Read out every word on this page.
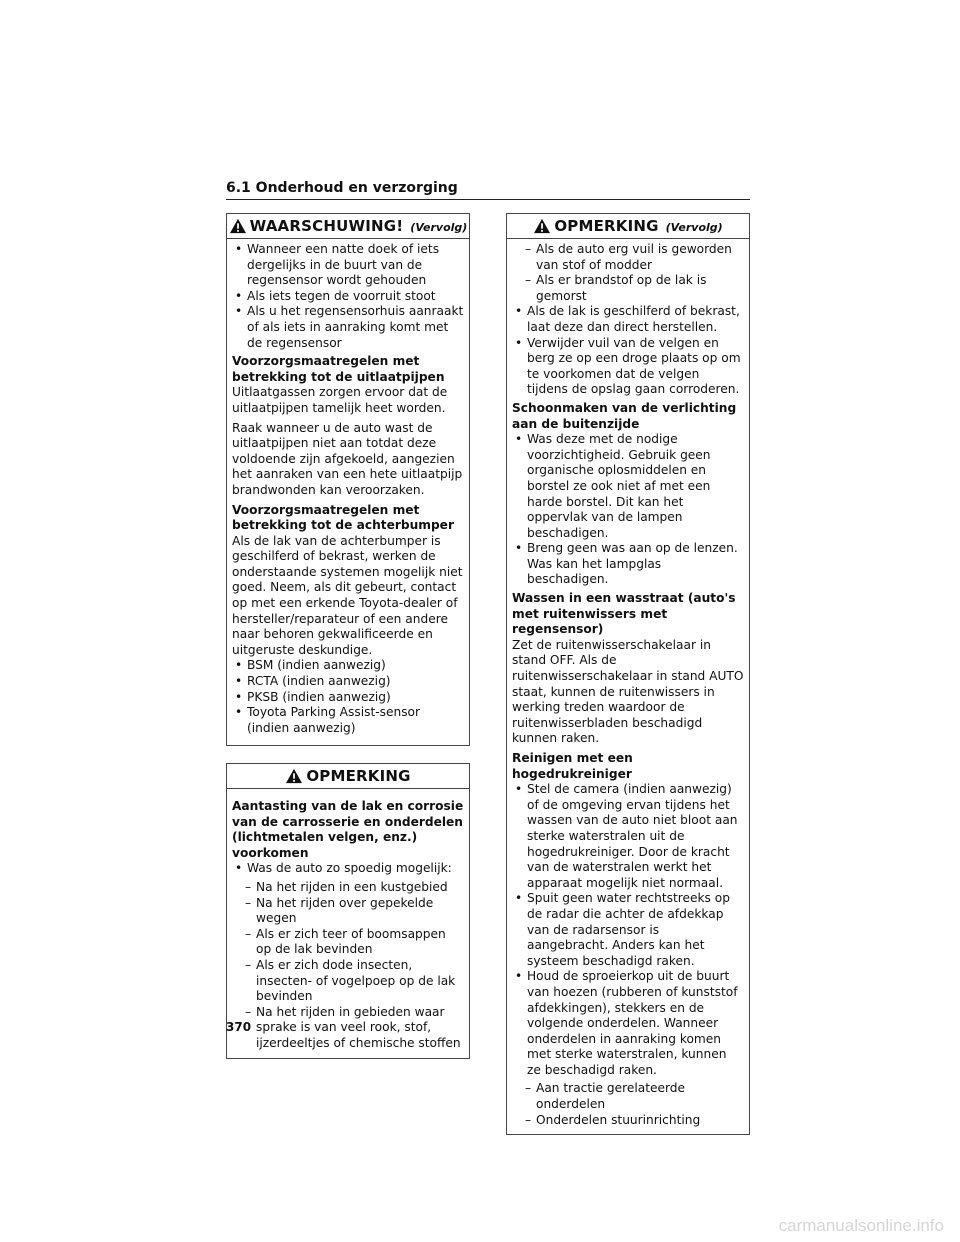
6.1 Onderhoud en verzorging
WAARSCHUWING! (Vervolg)
• Wanneer een natte doek of iets dergelijks in de buurt van de regensensor wordt gehouden
• Als iets tegen de voorruit stoot
• Als u het regensensorhuis aanraakt of als iets in aanraking komt met de regensensor

Voorzorgsmaatregelen met betrekking tot de uitlaatpijpen

Uitlaatgassen zorgen ervoor dat de uitlaatpijpen tamelijk heet worden.

Raak wanneer u de auto wast de uitlaatpijpen niet aan totdat deze voldoende zijn afgekoeld, aangezien het aanraken van een hete uitlaatpijp brandwonden kan veroorzaken.

Voorzorgsmaatregelen met betrekking tot de achterbumper

Als de lak van de achterbumper is geschilferd of bekrast, werken de onderstaande systemen mogelijk niet goed. Neem, als dit gebeurt, contact op met een erkende Toyota-dealer of hersteller/reparateur of een andere naar behoren gekwalificeerde en uitgeruste deskundige.

• BSM (indien aanwezig)
• RCTA (indien aanwezig)
• PKSB (indien aanwezig)
• Toyota Parking Assist-sensor (indien aanwezig)
OPMERKING

Aantasting van de lak en corrosie van de carrosserie en onderdelen (lichtmetalen velgen, enz.) voorkomen

• Was de auto zo spoedig mogelijk:
– Na het rijden in een kustgebied
– Na het rijden over gepekelde wegen
– Als er zich teer of boomsappen op de lak bevinden
– Als er zich dode insecten, insecten- of vogelpoep op de lak bevinden
– Na het rijden in gebieden waar sprake is van veel rook, stof, ijzerdeeltjes of chemische stoffen
OPMERKING (Vervolg)
– Als de auto erg vuil is geworden van stof of modder
– Als er brandstof op de lak is gemorst
• Als de lak is geschilferd of bekrast, laat deze dan direct herstellen.
• Verwijder vuil van de velgen en berg ze op een droge plaats op om te voorkomen dat de velgen tijdens de opslag gaan corroderen.

Schoonmaken van de verlichting aan de buitenzijde

• Was deze met de nodige voorzichtigheid. Gebruik geen organische oplosmiddelen en borstel ze ook niet af met een harde borstel. Dit kan het oppervlak van de lampen beschadigen.
• Breng geen was aan op de lenzen. Was kan het lampglas beschadigen.

Wassen in een wasstraat (auto's met ruitenwissers met regensensor)

Zet de ruitenwisserschakelaar in stand OFF. Als de ruitenwisserschakelaar in stand AUTO staat, kunnen de ruitenwissers in werking treden waardoor de ruitenwisserbladen beschadigd kunnen raken.

Reinigen met een hogedrukreiniger

• Stel de camera (indien aanwezig) of de omgeving ervan tijdens het wassen van de auto niet bloot aan sterke waterstralen uit de hogedrukreiniger. Door de kracht van de waterstralen werkt het apparaat mogelijk niet normaal.
• Spuit geen water rechtstreeks op de radar die achter de afdekkap van de radarsensor is aangebracht. Anders kan het systeem beschadigd raken.
• Houd de sproeierkop uit de buurt van hoezen (rubberen of kunststof afdekkingen), stekkers en de volgende onderdelen. Wanneer onderdelen in aanraking komen met sterke waterstralen, kunnen ze beschadigd raken.
– Aan tractie gerelateerde onderdelen
– Onderdelen stuurinrichting
370
carmanualsonline.info
